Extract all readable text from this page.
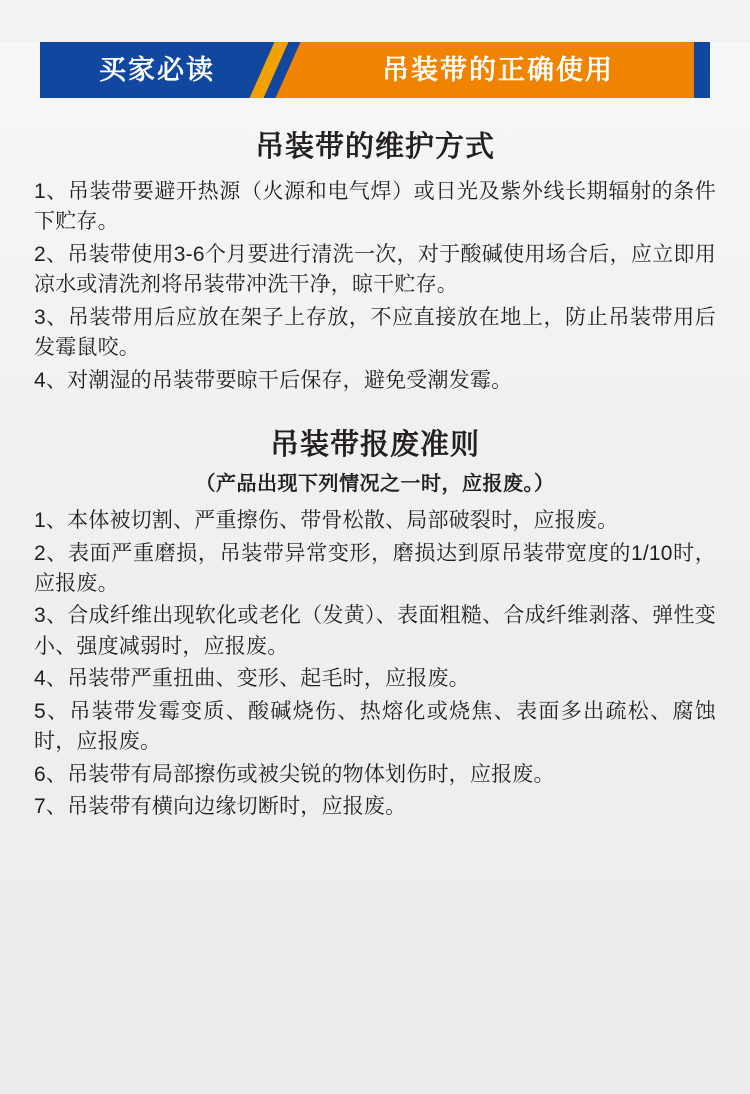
买家必读	吊装带的正确使用
吊装带的维护方式

1、吊装带要避开热源（火源和电气焊）或日光及紫外线长期辐射的条件下贮存。

2、吊装带使用3-6个月要进行清洗一次，对于酸碱使用场合后，应立即用凉水或清洗剂将吊装带冲洗干净，晾干贮存。

3、吊装带用后应放在架子上存放，不应直接放在地上，防止吊装带用后发霉鼠咬。

4、对潮湿的吊装带要晾干后保存，避免受潮发霉。

吊装带报废准则
（产品出现下列情况之一时，应报废。）

1、本体被切割、严重擦伤、带骨松散、局部破裂时，应报废。

2、表面严重磨损，吊装带异常变形，磨损达到原吊装带宽度的1/10时，应报废。

3、合成纤维出现软化或老化（发黄）、表面粗糙、合成纤维剥落、弹性变小、强度减弱时，应报废。

4、吊装带严重扭曲、变形、起毛时，应报废。

5、吊装带发霉变质、酸碱烧伤、热熔化或烧焦、表面多出疏松、腐蚀时，应报废。

6、吊装带有局部擦伤或被尖锐的物体划伤时，应报废。

7、吊装带有横向边缘切断时，应报废。
